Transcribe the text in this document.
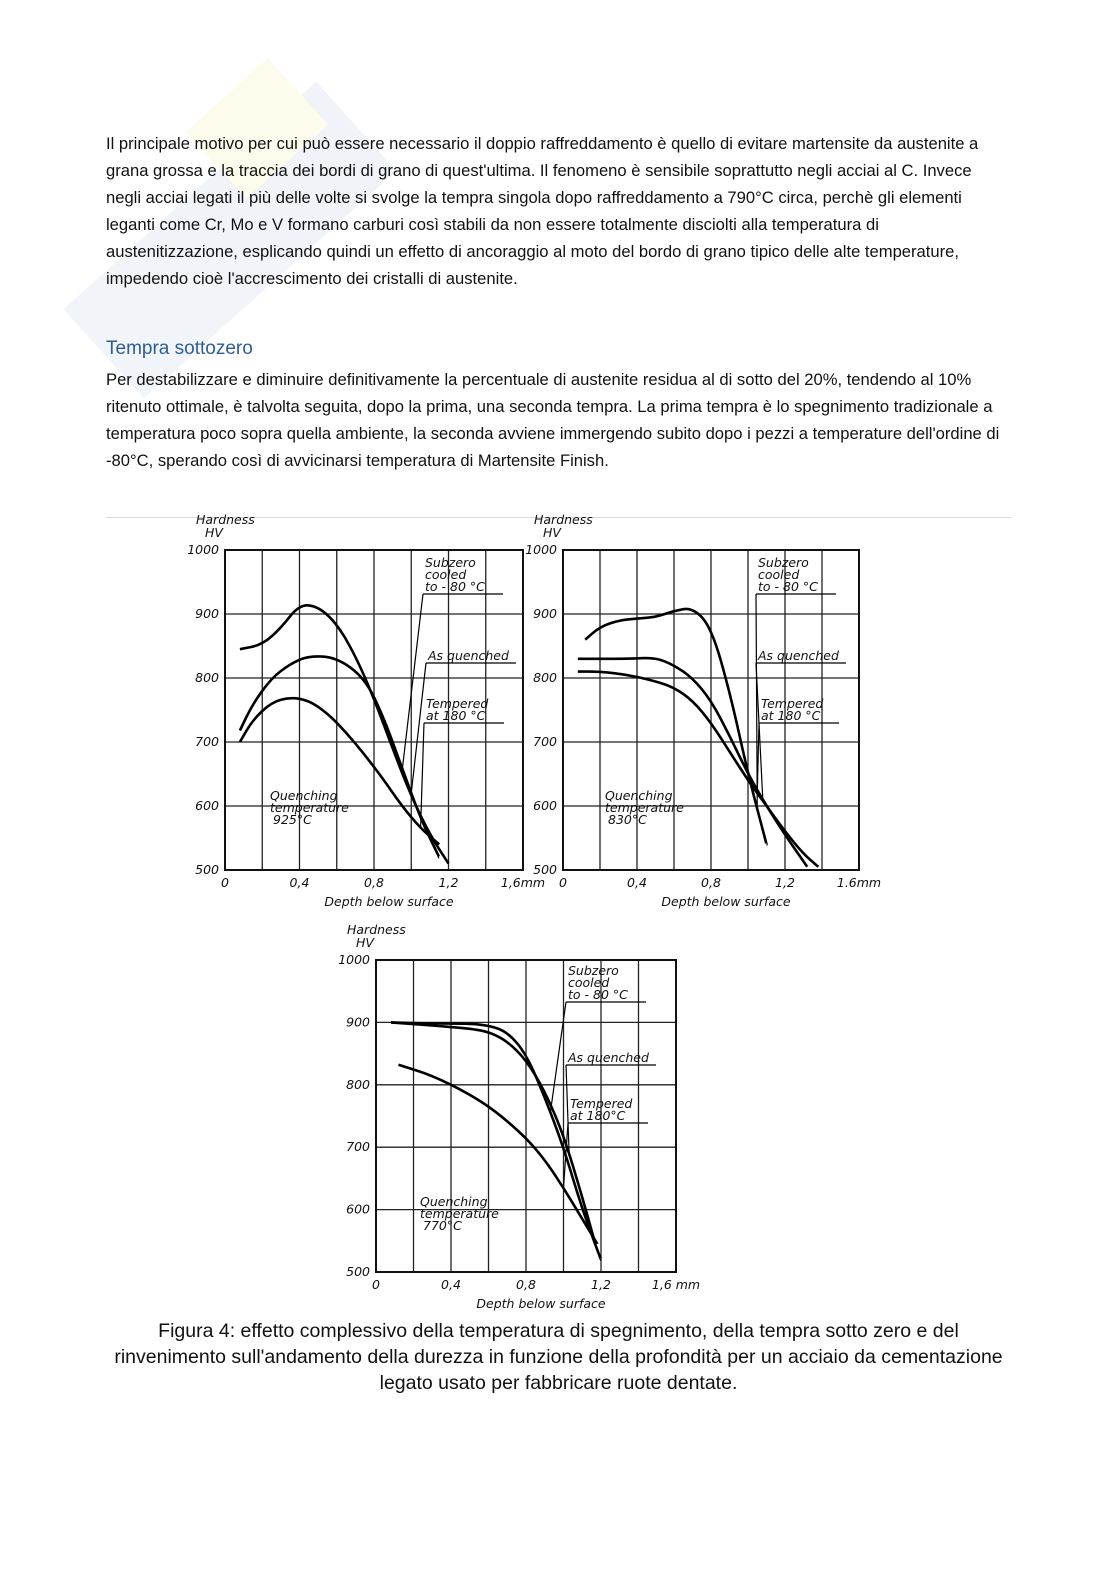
Il principale motivo per cui può essere necessario il doppio raffreddamento è quello di evitare martensite da austenite a grana grossa e la traccia dei bordi di grano di quest'ultima. Il fenomeno è sensibile soprattutto negli acciai al C. Invece negli acciai legati il più delle volte si svolge la tempra singola dopo raffreddamento a 790°C circa, perchè gli elementi leganti come Cr, Mo e V formano carburi così stabili da non essere totalmente disciolti alla temperatura di austenitizzazione, esplicando quindi un effetto di ancoraggio al moto del bordo di grano tipico delle alte temperature, impedendo cioè l'accrescimento dei cristalli di austenite.

Tempra sottozero

Per destabilizzare e diminuire definitivamente la percentuale di austenite residua al di sotto del 20%, tendendo al 10% ritenuto ottimale, è talvolta seguita, dopo la prima, una seconda tempra. La prima tempra è lo spegnimento tradizionale a temperatura poco sopra quella ambiente, la seconda avviene immergendo subito dopo i pezzi a temperature dell'ordine di -80°C, sperando così di avvicinarsi temperatura di Martensite Finish.

Hardness
HV
500
600
700
800
900
1000
0	0,4	0,8	1,2	1,6mm
Depth below surface
Subzero
cooled
to - 80 °C
As quenched
Tempered
at 180 °C
Quenching
temperature
925°C
Hardness
HV
500
600
700
800
900
1000
0	0,4	0,8	1,2	1.6mm
Depth below surface
Subzero
cooled
to - 80 °C
As quenched
Tempered
at 180 °C
Quenching
temperature
830°C
Hardness
HV
500
600
700
800
900
1000
0	0,4	0,8	1,2	1,6 mm
Depth below surface
Subzero
cooled
to - 80 °C
As quenched
Tempered
at 180°C
Quenching
temperature
770°C

Figura 4: effetto complessivo della temperatura di spegnimento, della tempra sotto zero e del rinvenimento sull'andamento della durezza in funzione della profondità per un acciaio da cementazione legato usato per fabbricare ruote dentate.
